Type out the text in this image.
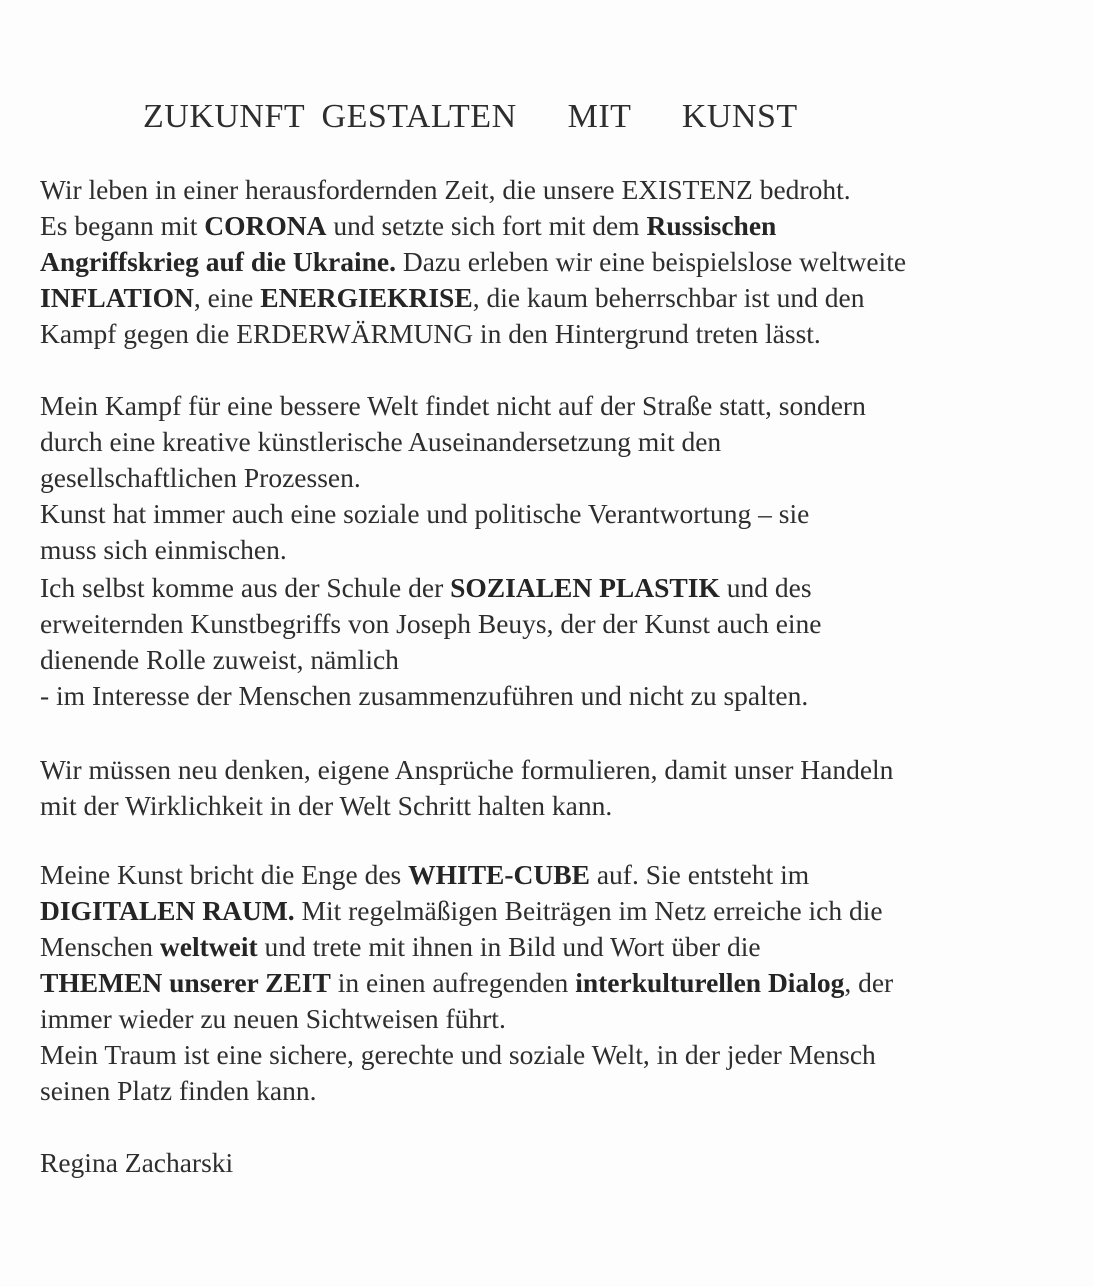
ZUKUNFT GESTALTEN   MIT   KUNST
Wir leben in einer herausfordernden Zeit, die unsere EXISTENZ bedroht.
Es begann mit CORONA und setzte sich fort mit dem Russischen
Angriffskrieg auf die Ukraine. Dazu erleben wir eine beispielslose weltweite
INFLATION, eine ENERGIEKRISE, die kaum beherrschbar ist und den
Kampf gegen die ERDERWÄRMUNG in den Hintergrund treten lässt.
Mein Kampf für eine bessere Welt findet nicht auf der Straße statt, sondern
durch eine kreative künstlerische Auseinandersetzung mit den
gesellschaftlichen Prozessen.
Kunst hat immer auch eine soziale und politische Verantwortung – sie
muss sich einmischen.
Ich selbst komme aus der Schule der SOZIALEN PLASTIK und des
erweiternden Kunstbegriffs von Joseph Beuys, der der Kunst auch eine
dienende Rolle zuweist, nämlich
- im Interesse der Menschen zusammenzuführen und nicht zu spalten.
Wir müssen neu denken, eigene Ansprüche formulieren, damit unser Handeln
mit der Wirklichkeit in der Welt Schritt halten kann.
Meine Kunst bricht die Enge des WHITE-CUBE auf. Sie entsteht im
DIGITALEN RAUM. Mit regelmäßigen Beiträgen im Netz erreiche ich die
Menschen weltweit und trete mit ihnen in Bild und Wort über die
THEMEN unserer ZEIT in einen aufregenden interkulturellen Dialog, der
immer wieder zu neuen Sichtweisen führt.
Mein Traum ist eine sichere, gerechte und soziale Welt, in der jeder Mensch
seinen Platz finden kann.
Regina Zacharski
